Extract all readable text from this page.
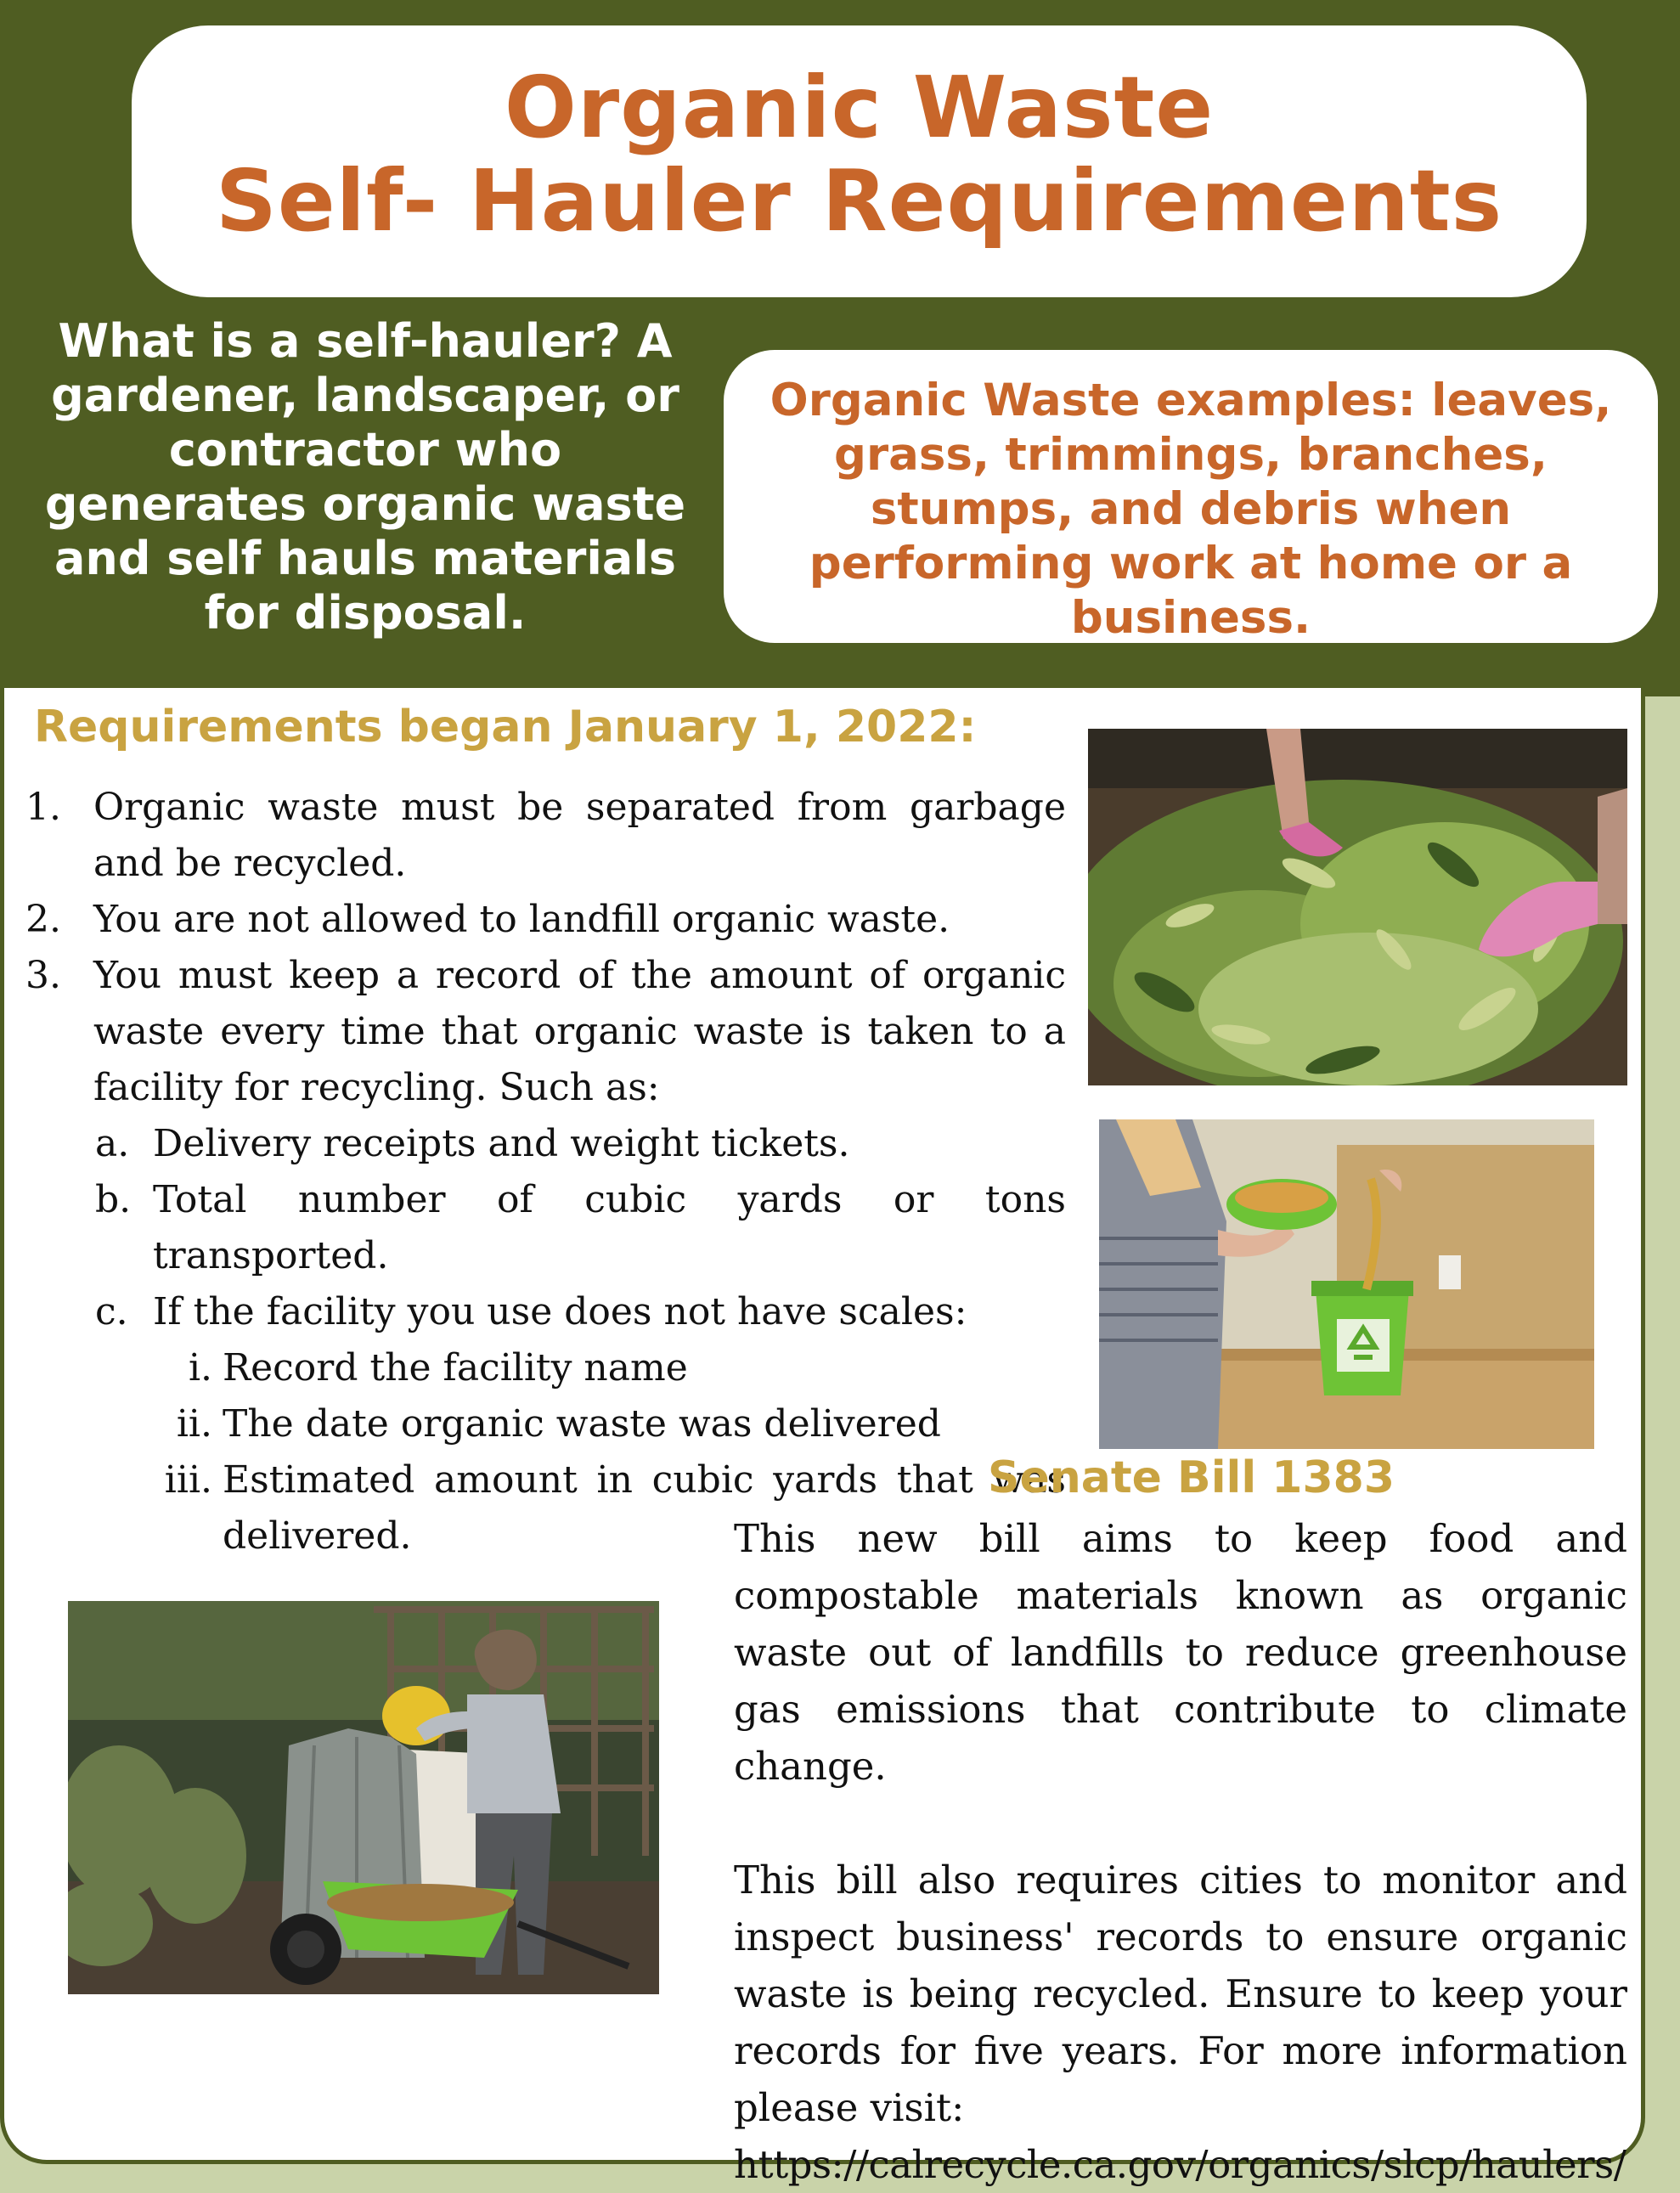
Organic Waste
Self- Hauler Requirements
What is a self-hauler? A gardener, landscaper, or contractor who generates organic waste and self hauls materials for disposal.
Organic Waste examples: leaves, grass, trimmings, branches, stumps, and debris when performing work at home or a business.
Requirements began January 1, 2022:
1. Organic waste must be separated from garbage and be recycled.
2. You are not allowed to landfill organic waste.
3. You must keep a record of the amount of organic waste every time that organic waste is taken to a facility for recycling. Such as:
a. Delivery receipts and weight tickets.
b. Total number of cubic yards or tons transported.
c. If the facility you use does not have scales:
i. Record the facility name
ii. The date organic waste was delivered
iii. Estimated amount in cubic yards that was delivered.
Senate Bill 1383

This new bill aims to keep food and compostable materials known as organic waste out of landfills to reduce greenhouse gas emissions that contribute to climate change.

This bill also requires cities to monitor and inspect business' records to ensure organic waste is being recycled. Ensure to keep your records for five years. For more information please visit:
https://calrecycle.ca.gov/organics/slcp/haulers/
